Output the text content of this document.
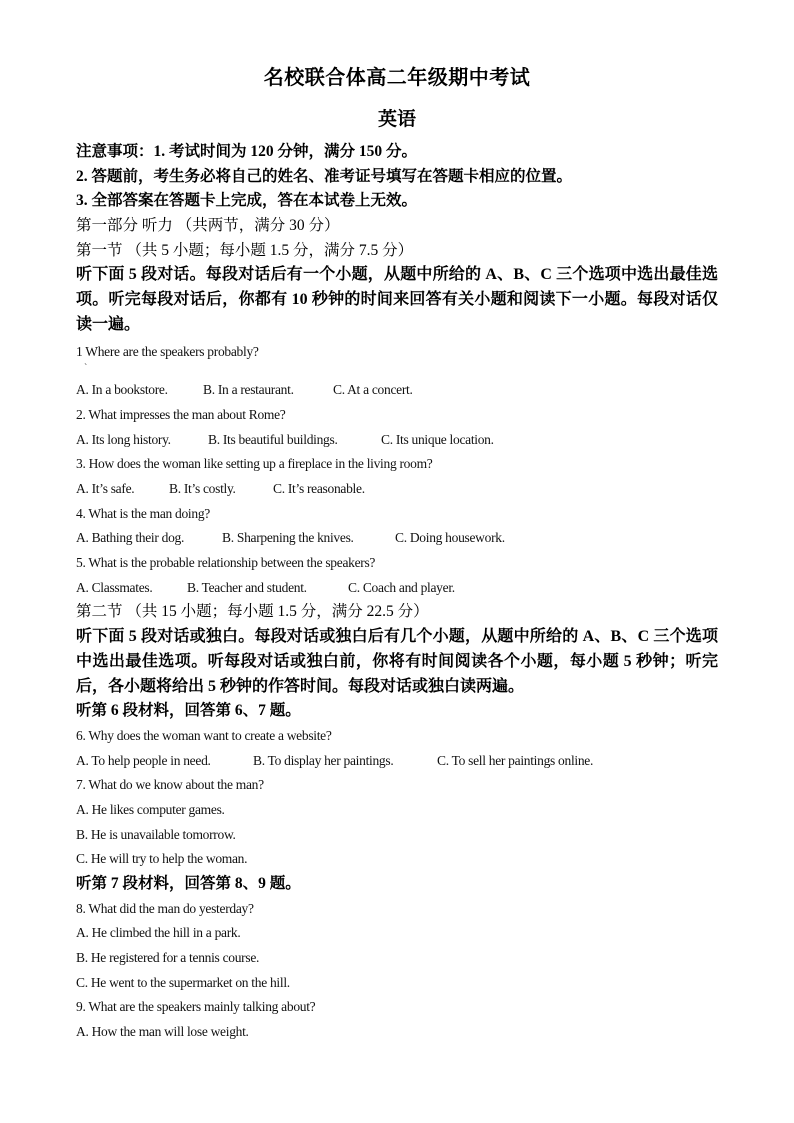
名校联合体高二年级期中考试
英语
注意事项：1. 考试时间为 120 分钟，满分 150 分。
2. 答题前，考生务必将自己的姓名、准考证号填写在答题卡相应的位置。
3. 全部答案在答题卡上完成，答在本试卷上无效。
第一部分 听力 （共两节，满分 30 分）
第一节 （共 5 小题；每小题 1.5 分，满分 7.5 分）
听下面 5 段对话。每段对话后有一个小题，从题中所给的 A、B、C 三个选项中选出最佳选项。听完每段对话后，你都有 10 秒钟的时间来回答有关小题和阅读下一小题。每段对话仅读一遍。
1 Where are the speakers probably?
`
A. In a bookstore.	B. In a restaurant.	C. At a concert.
2. What impresses the man about Rome?
A. Its long history.	B. Its beautiful buildings.	C. Its unique location.
3. How does the woman like setting up a fireplace in the living room?
A. It’s safe.	B. It’s costly.	C. It’s reasonable.
4. What is the man doing?
A. Bathing their dog.	B. Sharpening the knives.	C. Doing housework.
5. What is the probable relationship between the speakers?
A. Classmates.	B. Teacher and student.	C. Coach and player.
第二节 （共 15 小题；每小题 1.5 分，满分 22.5 分）
听下面 5 段对话或独白。每段对话或独白后有几个小题，从题中所给的 A、B、C 三个选项中选出最佳选项。听每段对话或独白前，你将有时间阅读各个小题，每小题 5 秒钟；听完后，各小题将给出 5 秒钟的作答时间。每段对话或独白读两遍。
听第 6 段材料，回答第 6、7 题。
6. Why does the woman want to create a website?
A. To help people in need.	B. To display her paintings.	C. To sell her paintings online.
7. What do we know about the man?
A. He likes computer games.
B. He is unavailable tomorrow.
C. He will try to help the woman.
听第 7 段材料，回答第 8、9 题。
8. What did the man do yesterday?
A. He climbed the hill in a park.
B. He registered for a tennis course.
C. He went to the supermarket on the hill.
9. What are the speakers mainly talking about?
A. How the man will lose weight.
